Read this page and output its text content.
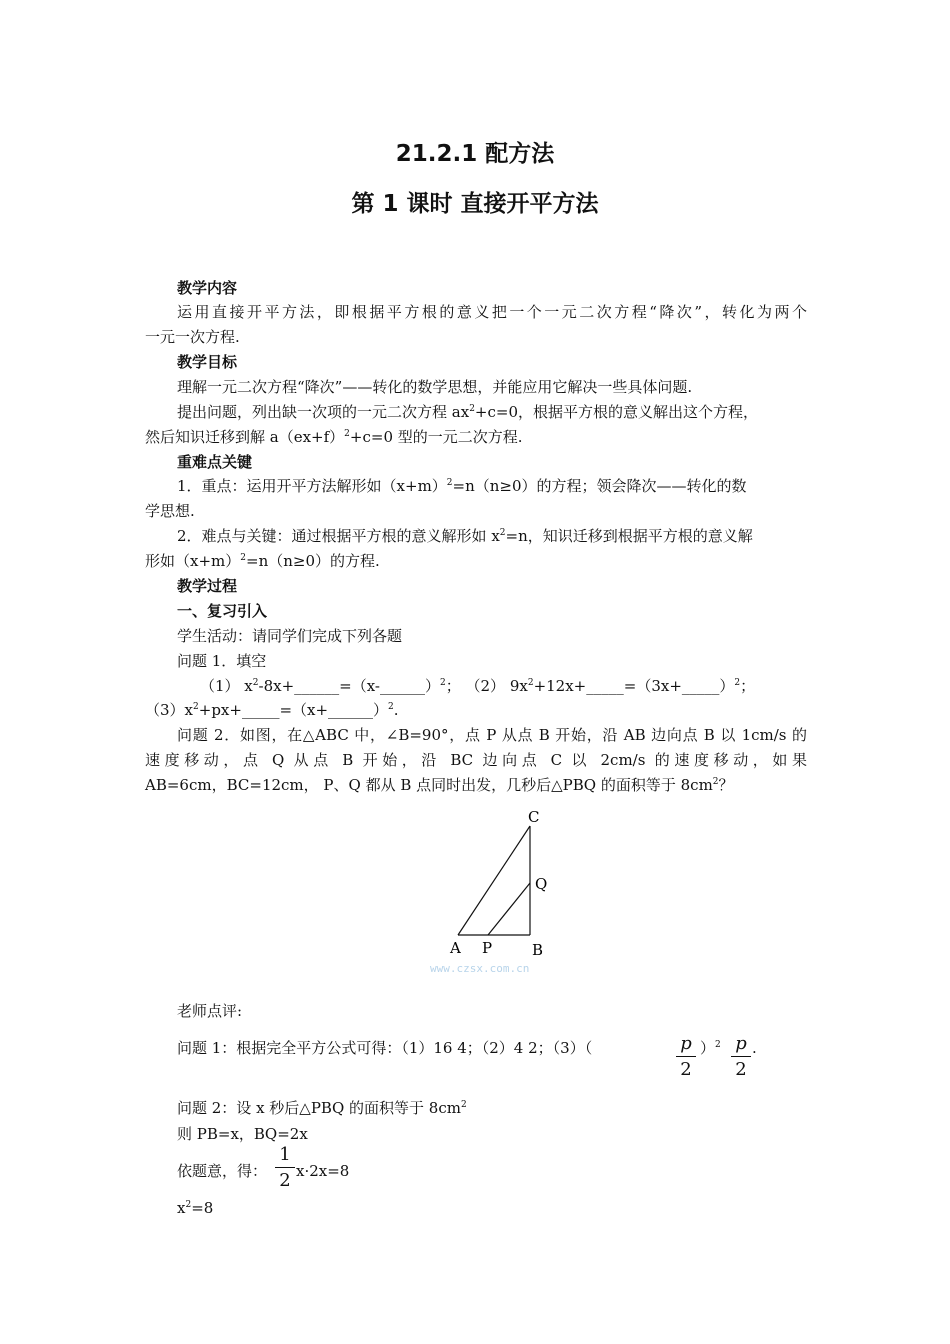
21.2.1 配方法
第 1 课时 直接开平方法
教学内容
运用直接开平方法，即根据平方根的意义把一个一元二次方程“降次”，转化为两个
一元一次方程.
教学目标
理解一元二次方程“降次”——转化的数学思想，并能应用它解决一些具体问题.
提出问题，列出缺一次项的一元二次方程 $ax^2+c=0$，根据平方根的意义解出这个方程，
然后知识迁移到解 $a(ex+f)^2+c=0$ 型的一元二次方程.
重难点关键
1．重点：运用开平方法解形如$(x+m)^2=n(n\ge 0)$的方程；领会降次——转化的数
学思想.
2．难点与关键：通过根据平方根的意义解形如 $x^2=n$，知识迁移到根据平方根的意义解
形如$(x+m)^2=n(n\ge 0)$的方程.
教学过程
一、复习引入
学生活动：请同学们完成下列各题
问题 1．填空
（1） $x^2-8x+\_\_\_\_\_\_=(x-\_\_\_\_\_\_)^2$； （2） $9x^2+12x+\_\_\_\_\_=(3x+\_\_\_\_\_)^2$；
$(3)x^2+px+\_\_\_\_\_=(x+\_\_\_\_\_\_)^2$.
问题 2．如图，在△ABC 中，∠B=90°，点 P 从点 B 开始，沿 AB 边向点 B 以 1cm/s 的
速度移动，点 Q 从点 B 开始，沿 BC 边向点 C 以 2cm/s 的速度移动，如果
AB=6cm，BC=12cm， P、Q 都从 B 点同时出发，几秒后△PBQ 的面积等于 $8cm^2$？
C
Q
A P	B
www.czsx.com.cn
老师点评:
问题 1：根据完全平方公式可得：（1）16 4；（2）4 2；（3）（	p
2
）$^2$ p
2
.
问题 2：设 x 秒后△PBQ 的面积等于 $8cm^2$
则 PB=x，BQ=2x
依题意，得：
1
2 x·2x=8
$x^2=8$
